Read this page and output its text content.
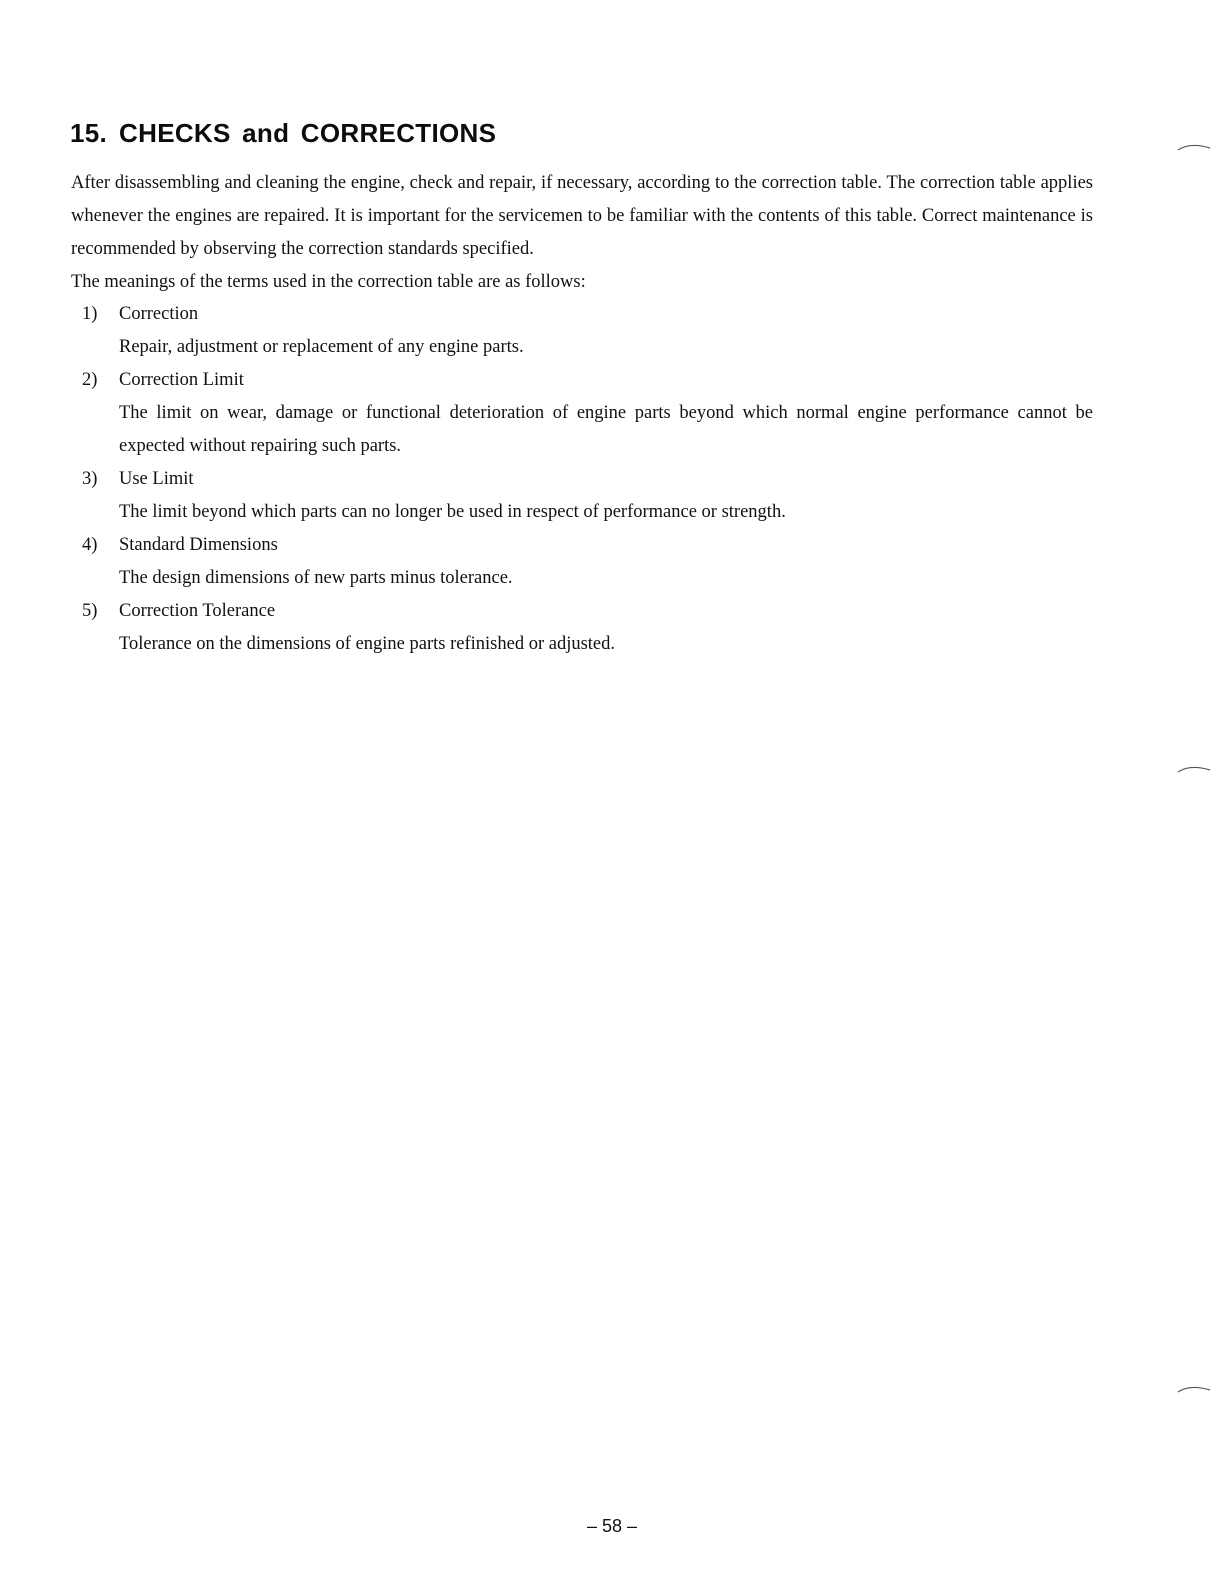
15. CHECKS and CORRECTIONS

After disassembling and cleaning the engine, check and repair, if necessary, according to the correction table. The correction table applies whenever the engines are repaired. It is important for the servicemen to be familiar with the contents of this table. Correct maintenance is recommended by observing the correction standards specified.

The meanings of the terms used in the correction table are as follows:

1) Correction

Repair, adjustment or replacement of any engine parts.

2) Correction Limit

The limit on wear, damage or functional deterioration of engine parts beyond which normal engine performance cannot be expected without repairing such parts.

3) Use Limit

The limit beyond which parts can no longer be used in respect of performance or strength.

4) Standard Dimensions

The design dimensions of new parts minus tolerance.

5) Correction Tolerance

Tolerance on the dimensions of engine parts refinished or adjusted.

– 58 –
